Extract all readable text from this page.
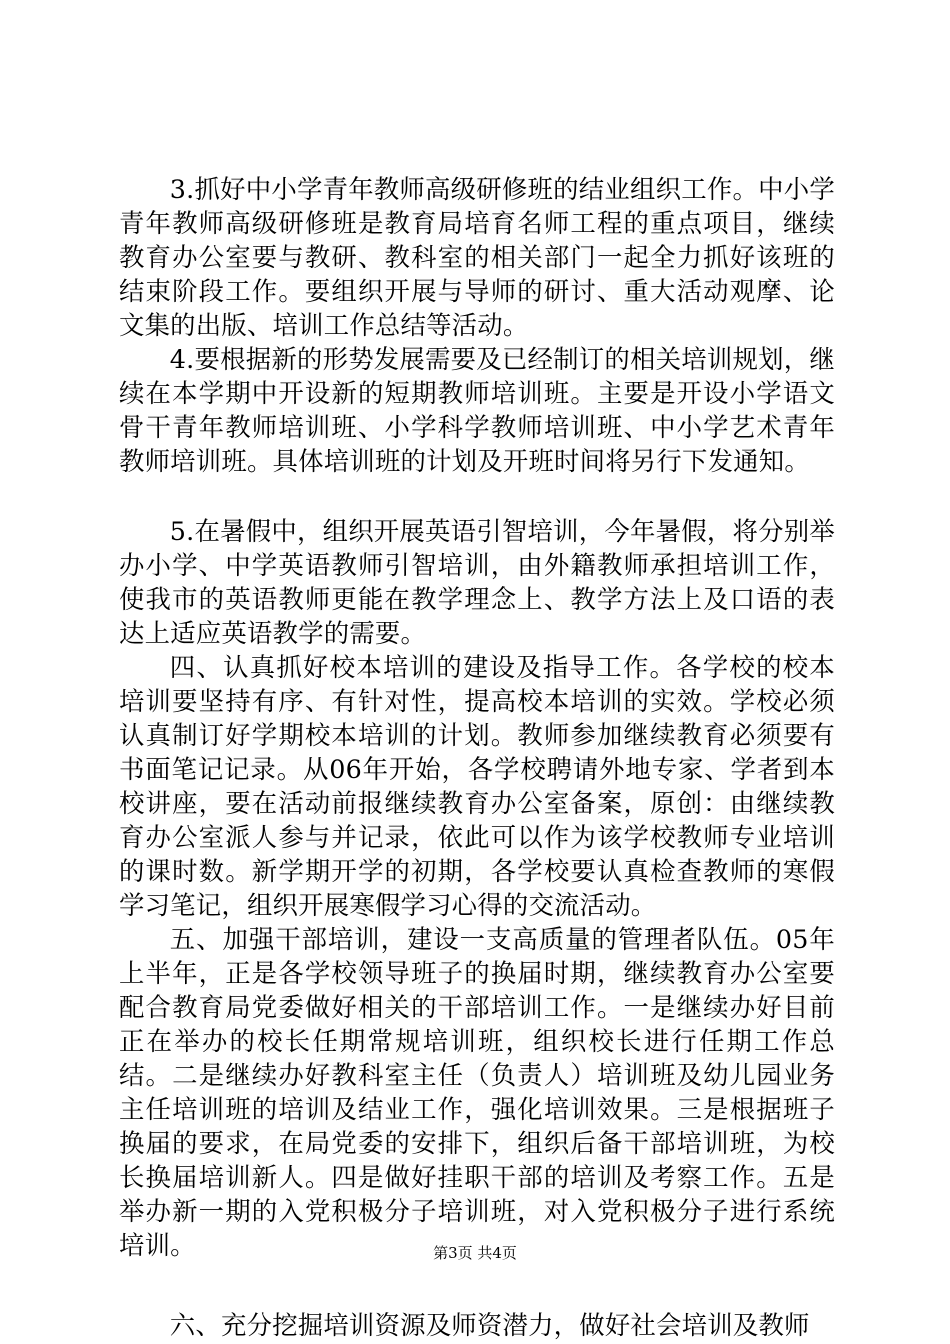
3.抓好中小学青年教师高级研修班的结业组织工作。中小学青年教师高级研修班是教育局培育名师工程的重点项目，继续教育办公室要与教研、教科室的相关部门一起全力抓好该班的结束阶段工作。要组织开展与导师的研讨、重大活动观摩、论文集的出版、培训工作总结等活动。

4.要根据新的形势发展需要及已经制订的相关培训规划，继续在本学期中开设新的短期教师培训班。主要是开设小学语文骨干青年教师培训班、小学科学教师培训班、中小学艺术青年教师培训班。具体培训班的计划及开班时间将另行下发通知。

5.在暑假中，组织开展英语引智培训，今年暑假，将分别举办小学、中学英语教师引智培训，由外籍教师承担培训工作，使我市的英语教师更能在教学理念上、教学方法上及口语的表达上适应英语教学的需要。

四、认真抓好校本培训的建设及指导工作。各学校的校本培训要坚持有序、有针对性，提高校本培训的实效。学校必须认真制订好学期校本培训的计划。教师参加继续教育必须要有书面笔记记录。从06年开始，各学校聘请外地专家、学者到本校讲座，要在活动前报继续教育办公室备案，原创：由继续教育办公室派人参与并记录，依此可以作为该学校教师专业培训的课时数。新学期开学的初期，各学校要认真检查教师的寒假学习笔记，组织开展寒假学习心得的交流活动。

五、加强干部培训，建设一支高质量的管理者队伍。05年上半年，正是各学校领导班子的换届时期，继续教育办公室要配合教育局党委做好相关的干部培训工作。一是继续办好目前正在举办的校长任期常规培训班，组织校长进行任期工作总结。二是继续办好教科室主任（负责人）培训班及幼儿园业务主任培训班的培训及结业工作，强化培训效果。三是根据班子换届的要求，在局党委的安排下，组织后备干部培训班，为校长换届培训新人。四是做好挂职干部的培训及考察工作。五是举办新一期的入党积极分子培训班，对入党积极分子进行系统培训。

六、充分挖掘培训资源及师资潜力，做好社会培训及教师

第3页 共4页
